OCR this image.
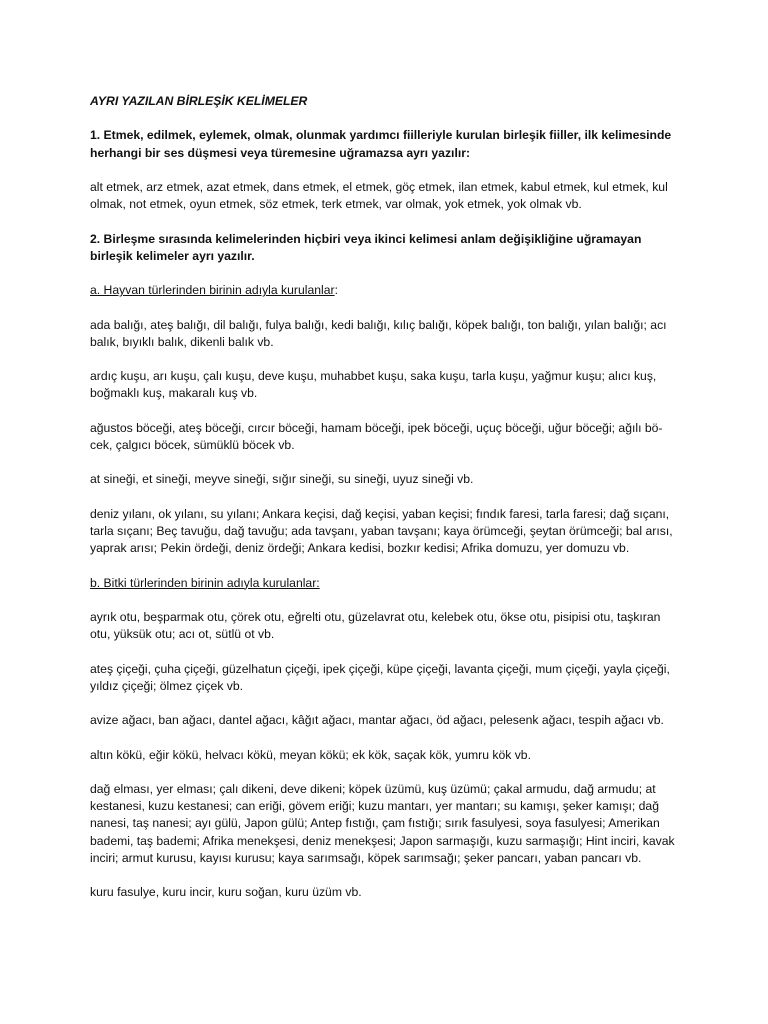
AYRI YAZILAN BİRLEŞİK KELİMELER

1. Etmek, edilmek, eylemek, olmak, olunmak yardımcı fiilleriyle kurulan birleşik fiiller, ilk kelimesinde herhangi bir ses düşmesi veya türemesine uğramazsa ayrı yazılır:

alt etmek, arz etmek, azat etmek, dans etmek, el etmek, göç etmek, ilan etmek, kabul etmek, kul etmek, kul olmak, not etmek, oyun etmek, söz etmek, terk etmek, var olmak, yok etmek, yok olmak vb.

2. Birleşme sırasında kelimelerinden hiçbiri veya ikinci kelimesi anlam değişikliğine uğramayan birleşik kelimeler ayrı yazılır.

a. Hayvan türlerinden birinin adıyla kurulanlar:

ada balığı, ateş balığı, dil balığı, fulya balığı, kedi balığı, kılıç balığı, köpek balığı, ton balığı, yılan balığı; acı balık, bıyıklı balık, dikenli balık vb.

ardıç kuşu, arı kuşu, çalı kuşu, deve kuşu, muhabbet kuşu, saka kuşu, tarla kuşu, yağmur kuşu; alıcı kuş, boğmaklı kuş, makaralı kuş vb.

ağustos böceği, ateş böceği, cırcır böceği, hamam böceği, ipek böceği, uçuç böceği, uğur böceği; ağılı bö-cek, çalgıcı böcek, sümüklü böcek vb.

at sineği, et sineği, meyve sineği, sığır sineği, su sineği, uyuz sineği vb.

deniz yılanı, ok yılanı, su yılanı; Ankara keçisi, dağ keçisi, yaban keçisi; fındık faresi, tarla faresi; dağ sıçanı, tarla sıçanı; Beç tavuğu, dağ tavuğu; ada tavşanı, yaban tavşanı; kaya örümceği, şeytan örümceği; bal arısı, yaprak arısı; Pekin ördeği, deniz ördeği; Ankara kedisi, bozkır kedisi; Afrika domuzu, yer domuzu vb.

b. Bitki türlerinden birinin adıyla kurulanlar:

ayrık otu, beşparmak otu, çörek otu, eğrelti otu, güzelavrat otu, kelebek otu, ökse otu, pisipisi otu, taşkıran otu, yüksük otu; acı ot, sütlü ot vb.

ateş çiçeği, çuha çiçeği, güzelhatun çiçeği, ipek çiçeği, küpe çiçeği, lavanta çiçeği, mum çiçeği, yayla çiçeği, yıldız çiçeği; ölmez çiçek vb.

avize ağacı, ban ağacı, dantel ağacı, kâğıt ağacı, mantar ağacı, öd ağacı, pelesenk ağacı, tespih ağacı vb.

altın kökü, eğir kökü, helvacı kökü, meyan kökü; ek kök, saçak kök, yumru kök vb.

dağ elması, yer elması; çalı dikeni, deve dikeni; köpek üzümü, kuş üzümü; çakal armudu, dağ armudu; at kestanesi, kuzu kestanesi; can eriği, gövem eriği; kuzu mantarı, yer mantarı; su kamışı, şeker kamışı; dağ nanesi, taş nanesi; ayı gülü, Japon gülü; Antep fıstığı, çam fıstığı; sırık fasulyesi, soya fasulyesi; Amerikan bademi, taş bademi; Afrika menekşesi, deniz menekşesi; Japon sarmaşığı, kuzu sarmaşığı; Hint inciri, kavak inciri; armut kurusu, kayısı kurusu; kaya sarımsağı, köpek sarımsağı; şeker pancarı, yaban pancarı vb.

kuru fasulye, kuru incir, kuru soğan, kuru üzüm vb.
